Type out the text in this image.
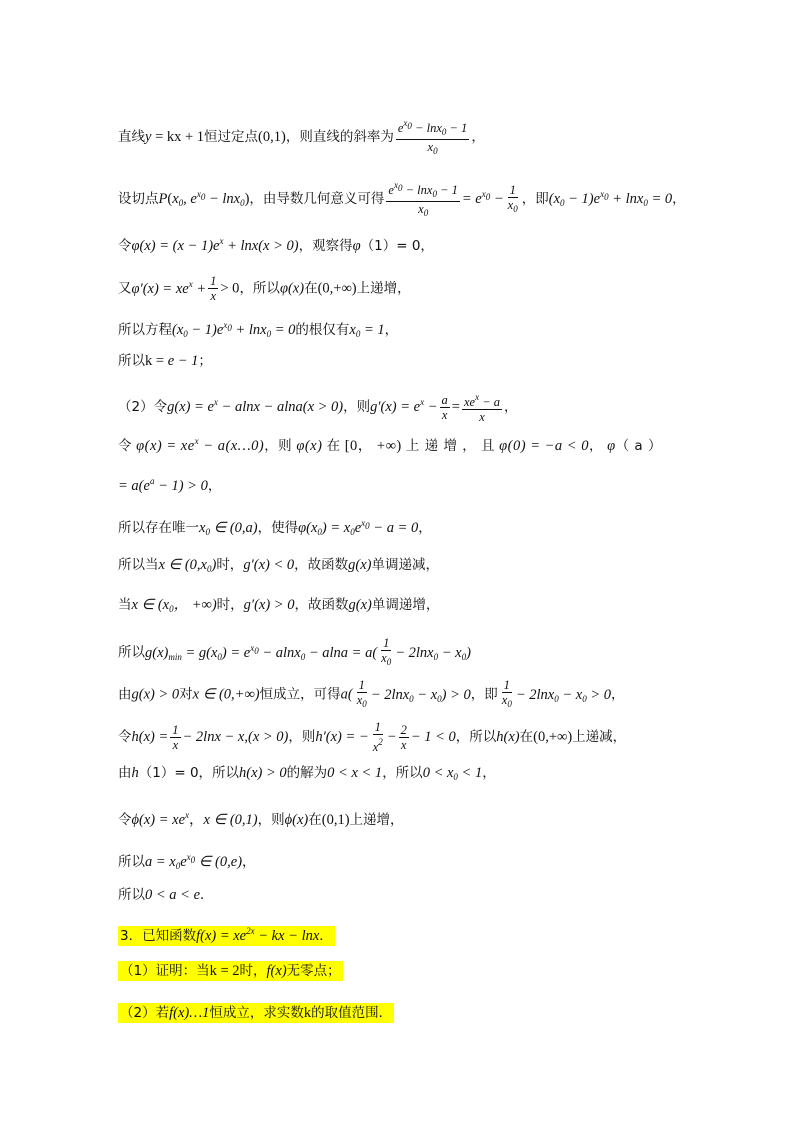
直线y = kx + 1恒过定点(0,1)，则直线的斜率为 $\frac{e^{x_0} - \ln x_0 - 1}{x_0}$ ，
设切点$P(x_0$, $e^{x_0} - \ln x_0$)，由导数几何意义可得 $\frac{e^{x_0} - \ln x_0 - 1}{x_0} = e^{x_0} - \frac{1}{x_0}$ ，即$(x_0 - 1)e^{x_0} + \ln x_0 = 0$，
令$\varphi(x) = (x - 1)e^x + \ln x(x > 0)$，观察得φ（1）= 0，
又$\varphi'(x) = xe^x + \frac{1}{x} > 0$，所以φ(x)在(0,+∞)上递增，
所以方程$(x_0 - 1)e^{x_0} + \ln x_0 = 0$的根仅有$x_0 = 1$，
所以k = e − 1；
（2）令$g(x) = e^x - alnx - alna(x > 0)$，则$g'(x) = e^x - \frac{a}{x} = \frac{xe^x - a}{x}$ ，
令 $\varphi(x) = xe^x$ − a(x…0)，则 φ(x) 在 [0， +∞) 上 递 增 ， 且 φ(0) = −a < 0， φ（ a ）
= $a(e^a - 1) > 0$，
所以存在唯一$x_0$ ∈ (0,a)，使得$\varphi(x_0) = x_0e^{x_0} - a = 0$，
所以当x ∈ $(0,x_0)$时，g′(x) < 0，故函数g(x)单调递减，
当x ∈ ($x_0$， +∞)时，g′(x) > 0，故函数g(x)单调递增，
所以$g(x)_{min} = g(x_0) = e^{x_0} - alnx_0 - alna = a( \frac{1}{x_0} - 2\ln x_0 - x_0)$
由g(x) > 0对x ∈ (0,+∞)恒成立，可得$a( \frac{1}{x_0} - 2\ln x_0 - x_0) > 0$，即 $\frac{1}{x_0} - 2\ln x_0 - x_0 > 0$，
令$h(x) = \frac{1}{x} - 2\ln x - x,(x > 0)$，则h′(x) = − $\frac{1}{x^2} - \frac{2}{x} - 1 < 0$，所以h(x)在(0,+∞)上递减，
由h（1）= 0，所以h(x) > 0的解为0 < x < 1，所以$0 < x_0 < 1$，
令$\phi(x) = xe^x$，x ∈ (0,1)，则ϕ(x)在(0,1)上递增，
所以$a = x_0e^{x_0}$ ∈ (0,e)，
所以0 < a < e．
3．已知函数$f(x) = xe^{2x}$ − kx − lnx．
（1）证明：当k = 2时，f(x)无零点；
（2）若f(x)…1恒成立，求实数k的取值范围．
